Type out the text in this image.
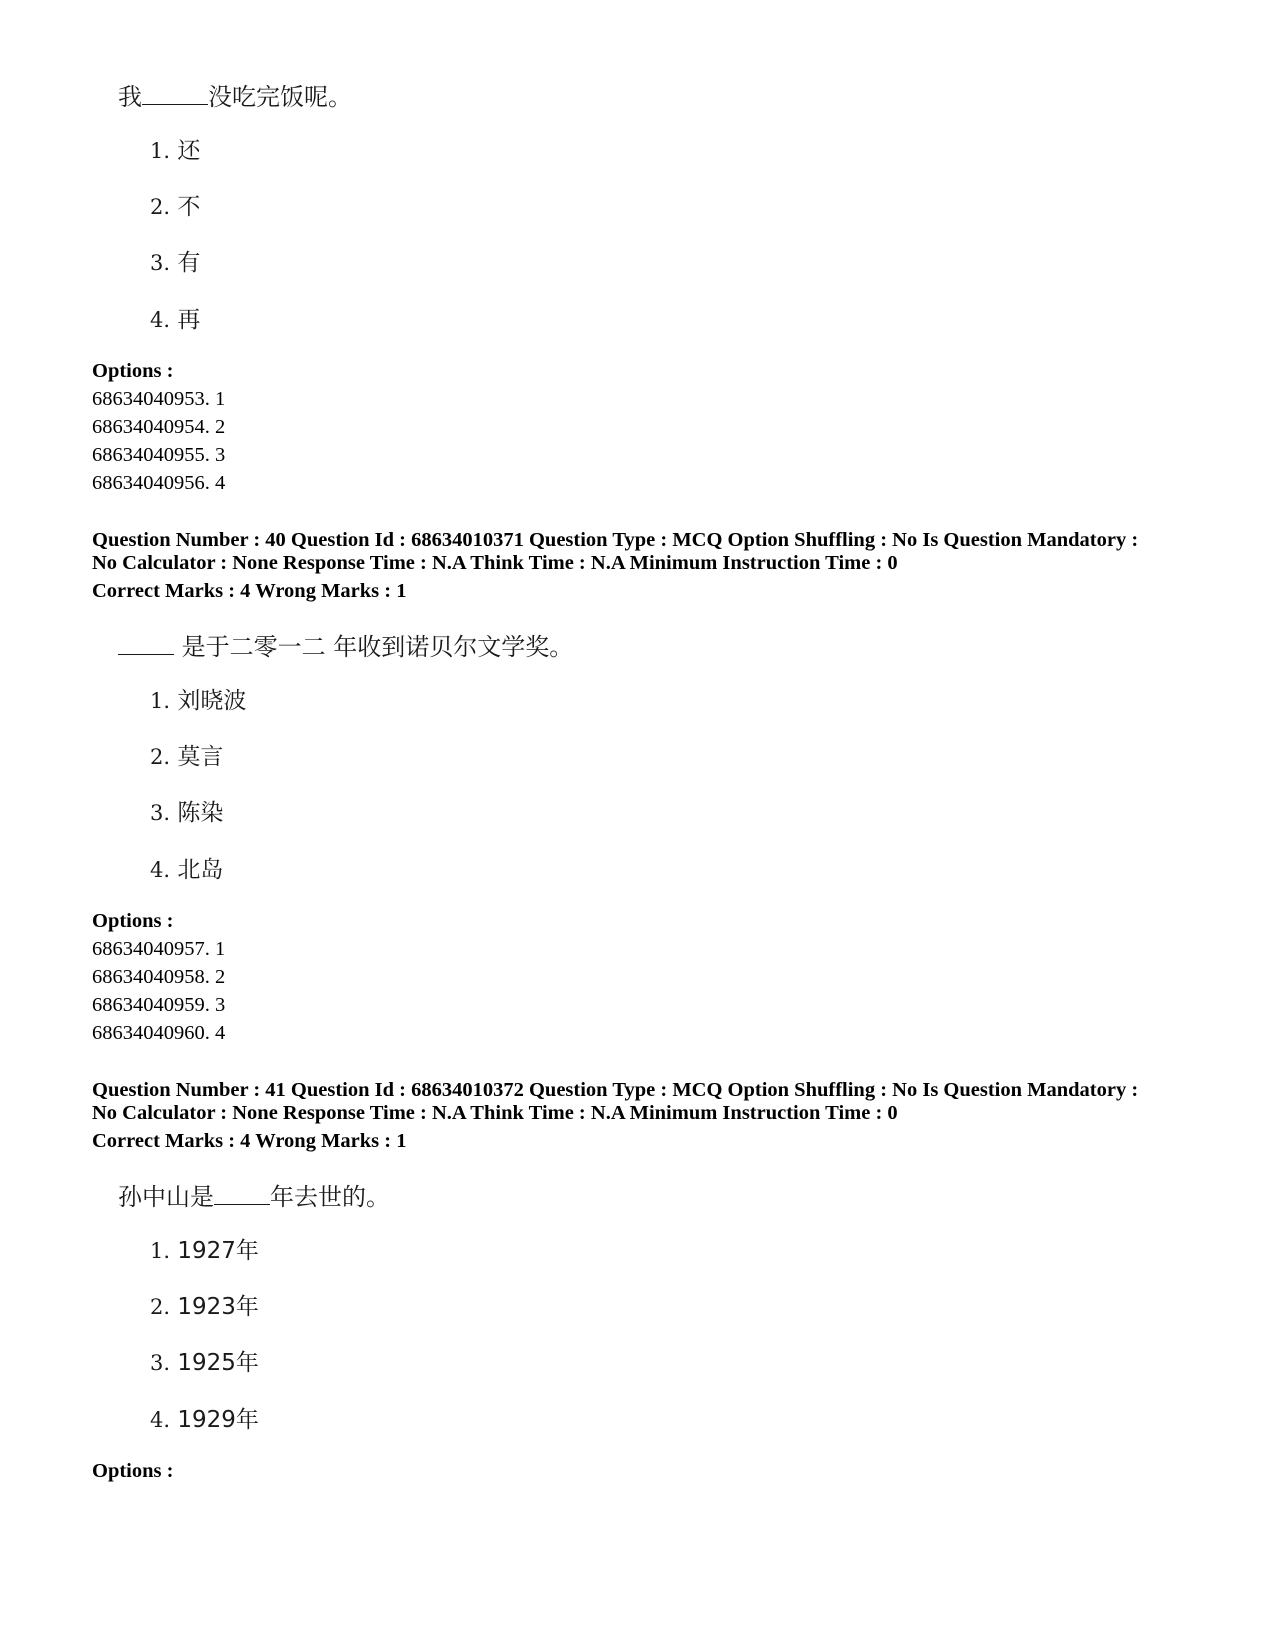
我	没吃完饭呢。
1. 还
2. 不
3. 有
4. 再
Options :
68634040953. 1
68634040954. 2
68634040955. 3
68634040956. 4
Question Number : 40 Question Id : 68634010371 Question Type : MCQ Option Shuffling : No Is Question Mandatory :
No Calculator : None Response Time : N.A Think Time : N.A Minimum Instruction Time : 0
Correct Marks : 4 Wrong Marks : 1
是于二零一二 年收到诺贝尔文学奖。
1. 刘晓波
2. 莫言
3. 陈染
4. 北岛
Options :
68634040957. 1
68634040958. 2
68634040959. 3
68634040960. 4
Question Number : 41 Question Id : 68634010372 Question Type : MCQ Option Shuffling : No Is Question Mandatory :
No Calculator : None Response Time : N.A Think Time : N.A Minimum Instruction Time : 0
Correct Marks : 4 Wrong Marks : 1
孙中山是 年去世的。
1. 1927年
2. 1923年
3. 1925年
4. 1929年
Options :
